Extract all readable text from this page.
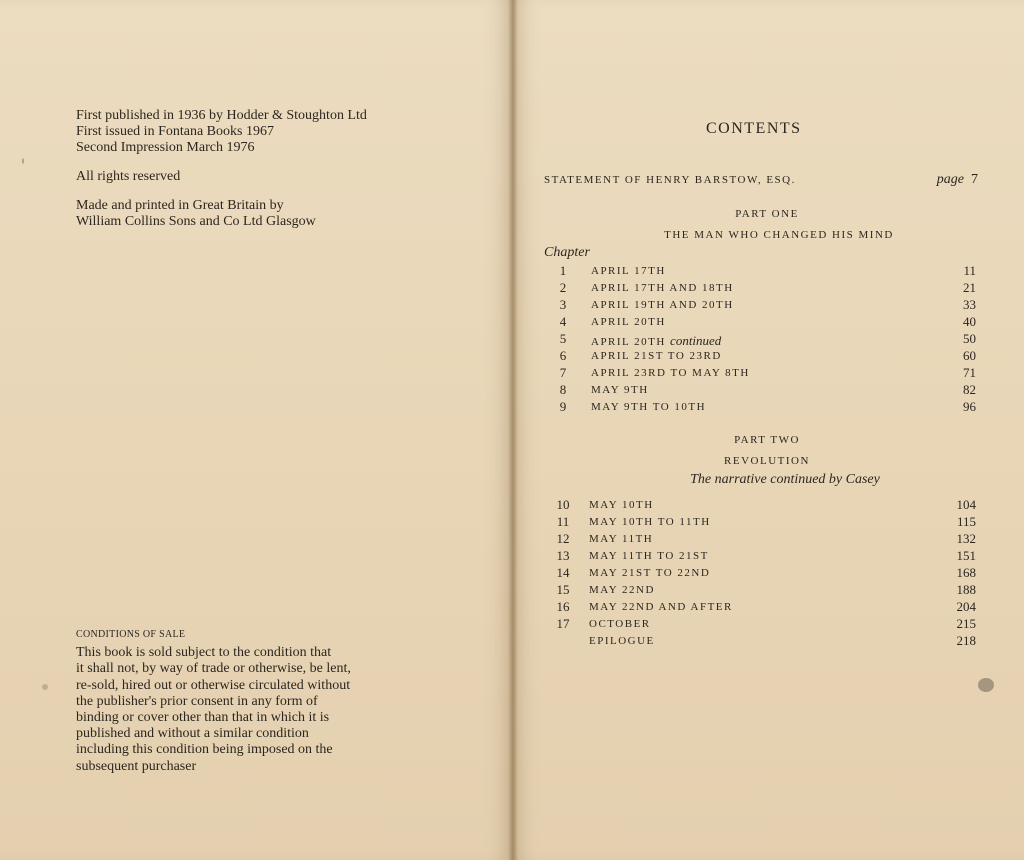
First published in 1936 by Hodder & Stoughton Ltd
First issued in Fontana Books 1967
Second Impression March 1976
All rights reserved
Made and printed in Great Britain by
William Collins Sons and Co Ltd Glasgow
CONDITIONS OF SALE
This book is sold subject to the condition that
it shall not, by way of trade or otherwise, be lent,
re-sold, hired out or otherwise circulated without
the publisher's prior consent in any form of
binding or cover other than that in which it is
published and without a similar condition
including this condition being imposed on the
subsequent purchaser
CONTENTS
STATEMENT OF HENRY BARSTOW, ESQ.	page 7
PART ONE
THE MAN WHO CHANGED HIS MIND
Chapter
1	APRIL 17TH	11
2	APRIL 17TH AND 18TH	21
3	APRIL 19TH AND 20TH	33
4	APRIL 20TH	40
5	APRIL 20TH continued	50
6	APRIL 21ST TO 23RD	60
7	APRIL 23RD TO MAY 8TH	71
8	MAY 9TH	82
9	MAY 9TH TO 10TH	96
PART TWO
REVOLUTION
The narrative continued by Casey
10	MAY 10TH	104
11	MAY 10TH TO 11TH	115
12	MAY 11TH	132
13	MAY 11TH TO 21ST	151
14	MAY 21ST TO 22ND	168
15	MAY 22ND	188
16	MAY 22ND AND AFTER	204
17	OCTOBER	215
EPILOGUE	218
